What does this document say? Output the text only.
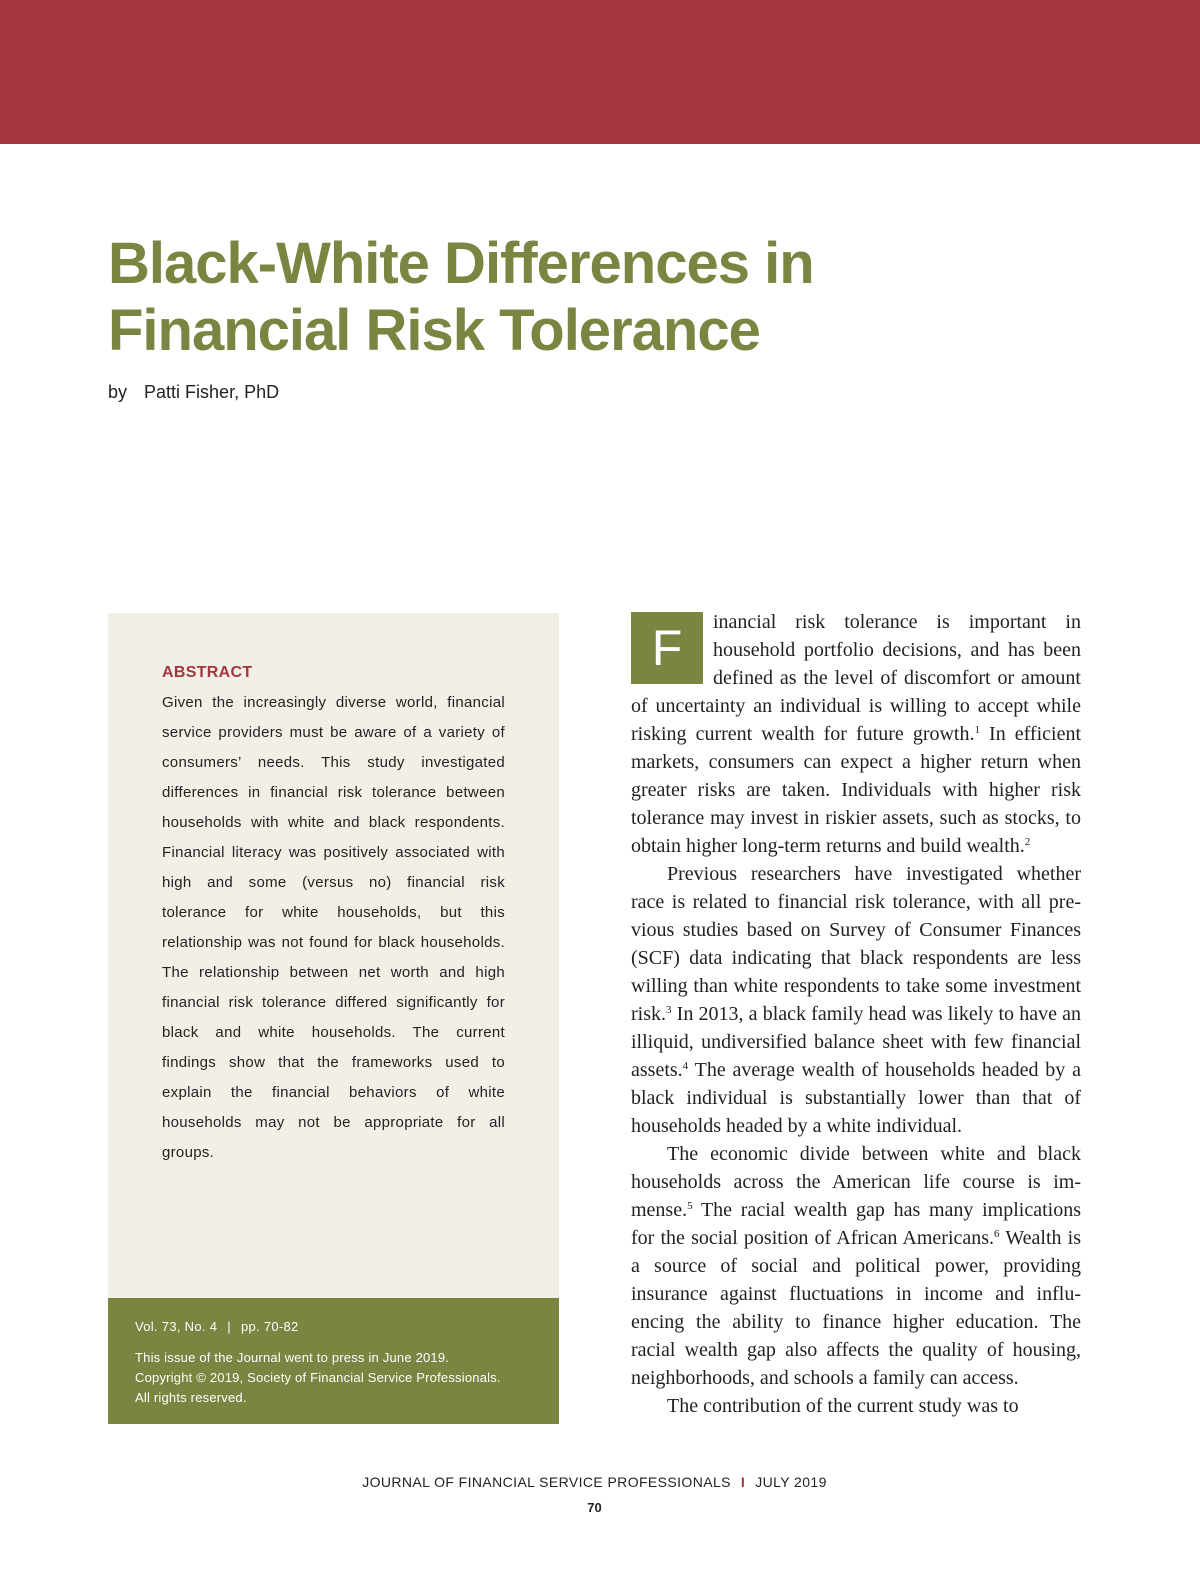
Black-White Differences in
Financial Risk Tolerance
by Patti Fisher, PhD
ABSTRACT
Given the increasingly diverse world, financial service providers must be aware of a variety of consumers’ needs. This study investigated differences in financial risk tolerance between households with white and black respondents. Financial literacy was positively associated with high and some (versus no) financial risk tolerance for white households, but this relationship was not found for black households. The relationship between net worth and high financial risk tolerance differed significantly for black and white households. The current findings show that the frameworks used to explain the financial behaviors of white households may not be appropriate for all groups.
Vol. 73, No. 4 | pp. 70-82
This issue of the Journal went to press in June 2019.
Copyright © 2019, Society of Financial Service Professionals.
All rights reserved.

F	inancial risk tolerance is important in household portfolio decisions, and has been defined as the level of discomfort or amount of uncertainty an individual is willing to accept while risking current wealth for future growth.$^1$ In efficient markets, consumers can expect a higher return when greater risks are taken. Individuals with higher risk tolerance may invest in riskier assets, such as stocks, to obtain higher long-term returns and build wealth.$^2$

Previous researchers have investigated whether race is related to financial risk tolerance, with all previous studies based on Survey of Consumer Finances (SCF) data indicating that black respondents are less willing than white respondents to take some investment risk.$^3$ In 2013, a black family head was likely to have an illiquid, undiversified balance sheet with few financial assets.$^4$ The average wealth of households headed by a black individual is substantially lower than that of households headed by a white individual.

The economic divide between white and black households across the American life course is immense.$^5$ The racial wealth gap has many implications for the social position of African Americans.$^6$ Wealth is a source of social and political power, providing insurance against fluctuations in income and influencing the ability to finance higher education. The racial wealth gap also affects the quality of housing, neighborhoods, and schools a family can access.

The contribution of the current study was to

JOURNAL OF FINANCIAL SERVICE PROFESSIONALS I JULY 2019
70
